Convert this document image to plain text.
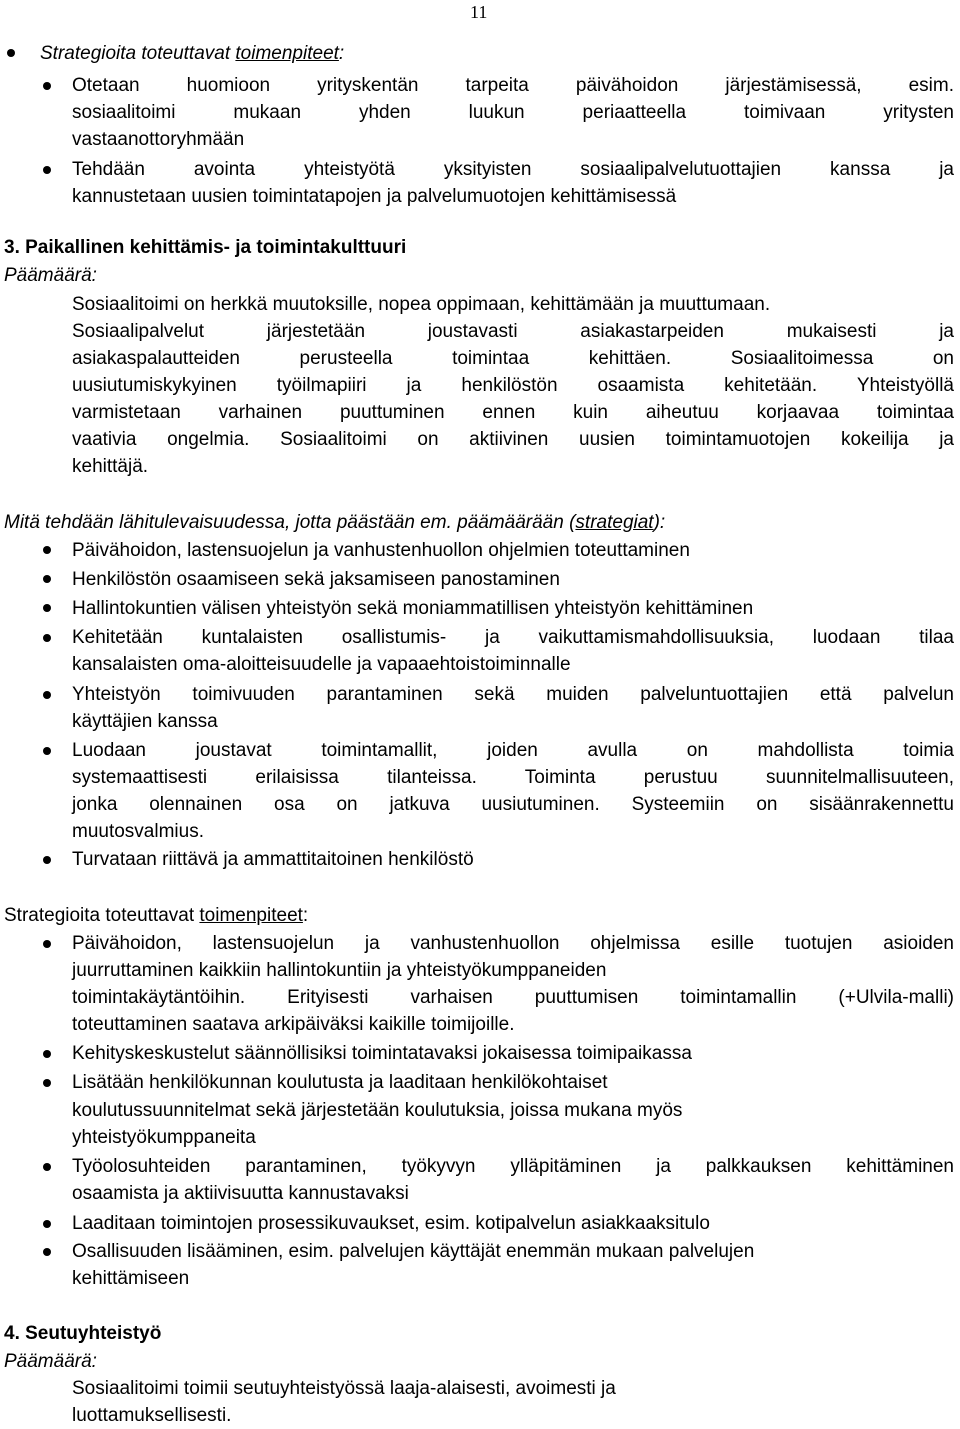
11
Strategioita toteuttavat toimenpiteet:
Otetaan huomioon yrityskentän tarpeita päivähoidon järjestämisessä, esim.
sosiaalitoimi mukaan yhden luukun periaatteella toimivaan yritysten
vastaanottoryhmään
Tehdään avointa yhteistyötä yksityisten sosiaalipalvelutuottajien kanssa ja
kannustetaan uusien toimintatapojen ja palvelumuotojen kehittämisessä
3. Paikallinen kehittämis- ja toimintakulttuuri
Päämäärä:
Sosiaalitoimi on herkkä muutoksille, nopea oppimaan, kehittämään ja muuttumaan.
Sosiaalipalvelut järjestetään joustavasti asiakastarpeiden mukaisesti ja
asiakaspalautteiden perusteella toimintaa kehittäen. Sosiaalitoimessa on
uusiutumiskykyinen työilmapiiri ja henkilöstön osaamista kehitetään. Yhteistyöllä
varmistetaan varhainen puuttuminen ennen kuin aiheutuu korjaavaa toimintaa
vaativia ongelmia. Sosiaalitoimi on aktiivinen uusien toimintamuotojen kokeilija ja
kehittäjä.
Mitä tehdään lähitulevaisuudessa, jotta päästään em. päämäärään (strategiat):
Päivähoidon, lastensuojelun ja vanhustenhuollon ohjelmien toteuttaminen
Henkilöstön osaamiseen sekä jaksamiseen panostaminen
Hallintokuntien välisen yhteistyön sekä moniammatillisen yhteistyön kehittäminen
Kehitetään kuntalaisten osallistumis- ja vaikuttamismahdollisuuksia, luodaan tilaa
kansalaisten oma-aloitteisuudelle ja vapaaehtoistoiminnalle
Yhteistyön toimivuuden parantaminen sekä muiden palveluntuottajien että palvelun
käyttäjien kanssa
Luodaan joustavat toimintamallit, joiden avulla on mahdollista toimia
systemaattisesti erilaisissa tilanteissa. Toiminta perustuu suunnitelmallisuuteen,
jonka olennainen osa on jatkuva uusiutuminen. Systeemiin on sisäänrakennettu
muutosvalmius.
Turvataan riittävä ja ammattitaitoinen henkilöstö
Strategioita toteuttavat toimenpiteet:
Päivähoidon, lastensuojelun ja vanhustenhuollon ohjelmissa esille tuotujen asioiden
juurruttaminen kaikkiin hallintokuntiin ja yhteistyökumppaneiden
toimintakäytäntöihin. Erityisesti varhaisen puuttumisen toimintamallin (+Ulvila-malli)
toteuttaminen saatava arkipäiväksi kaikille toimijoille.
Kehityskeskustelut säännöllisiksi toimintatavaksi jokaisessa toimipaikassa
Lisätään henkilökunnan koulutusta ja laaditaan henkilökohtaiset
koulutussuunnitelmat sekä järjestetään koulutuksia, joissa mukana myös
yhteistyökumppaneita
Työolosuhteiden parantaminen, työkyvyn ylläpitäminen ja palkkauksen kehittäminen
osaamista ja aktiivisuutta kannustavaksi
Laaditaan toimintojen prosessikuvaukset, esim. kotipalvelun asiakkaaksitulo
Osallisuuden lisääminen, esim. palvelujen käyttäjät enemmän mukaan palvelujen
kehittämiseen
4. Seutuyhteistyö
Päämäärä:
Sosiaalitoimi toimii seutuyhteistyössä laaja-alaisesti, avoimesti ja
luottamuksellisesti.
